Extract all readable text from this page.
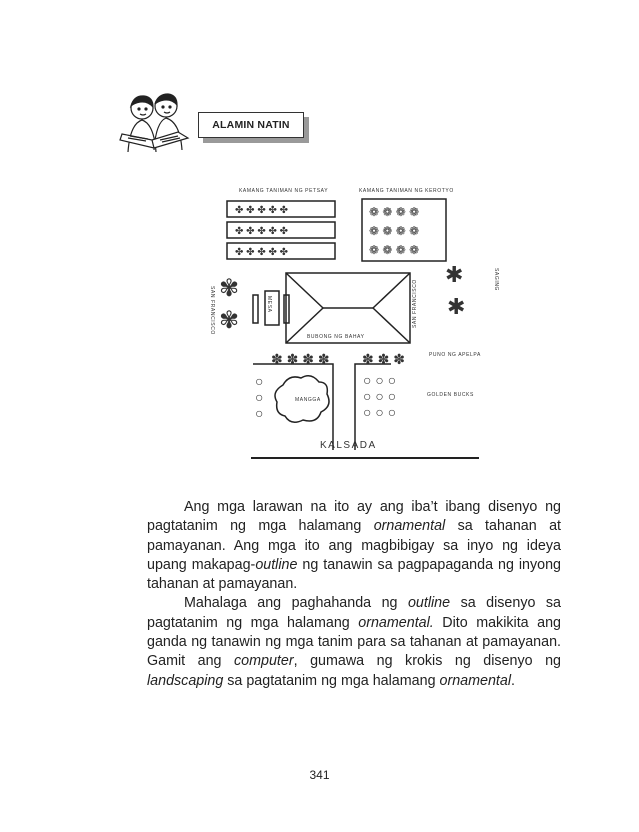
ALAMIN NATIN
✤ ✤ ✤ ✤ ✤
✤ ✤ ✤ ✤ ✤
✤ ✤ ✤ ✤ ✤
❁ ❁ ❁ ❁
❁ ❁ ❁ ❁
❁ ❁ ❁ ❁
✱
✱
✽ ✽ ✽ ✽ ✽ ✽ ✽
○ ○ ○
○ ○ ○
○ ○ ○
○
○
○
✾
✾
KAMANG TANIMAN NG PETSAY	KAMANG TANIMAN NG KEROTYO
BUBONG NG BAHAY
PUNO NG APELPA
MANGGA
GOLDEN BUCKS
SAN FRANCISCO	SAN FRANCISCO	SAGING
MESA
KALSADA

Ang mga larawan na ito ay ang iba’t ibang disenyo ng pagtatanim ng mga halamang ornamental sa tahanan at pamayanan. Ang mga ito ang magbibigay sa inyo ng ideya upang makapag-outline ng tanawin sa pagpapaganda ng inyong tahanan at pamayanan.

Mahalaga ang paghahanda ng outline sa disenyo sa pagtatanim ng mga halamang ornamental. Dito makikita ang ganda ng tanawin ng mga tanim para sa tahanan at pamayanan. Gamit ang computer, gumawa ng krokis ng disenyo ng landscaping sa pagtatanim ng mga halamang ornamental.

341
